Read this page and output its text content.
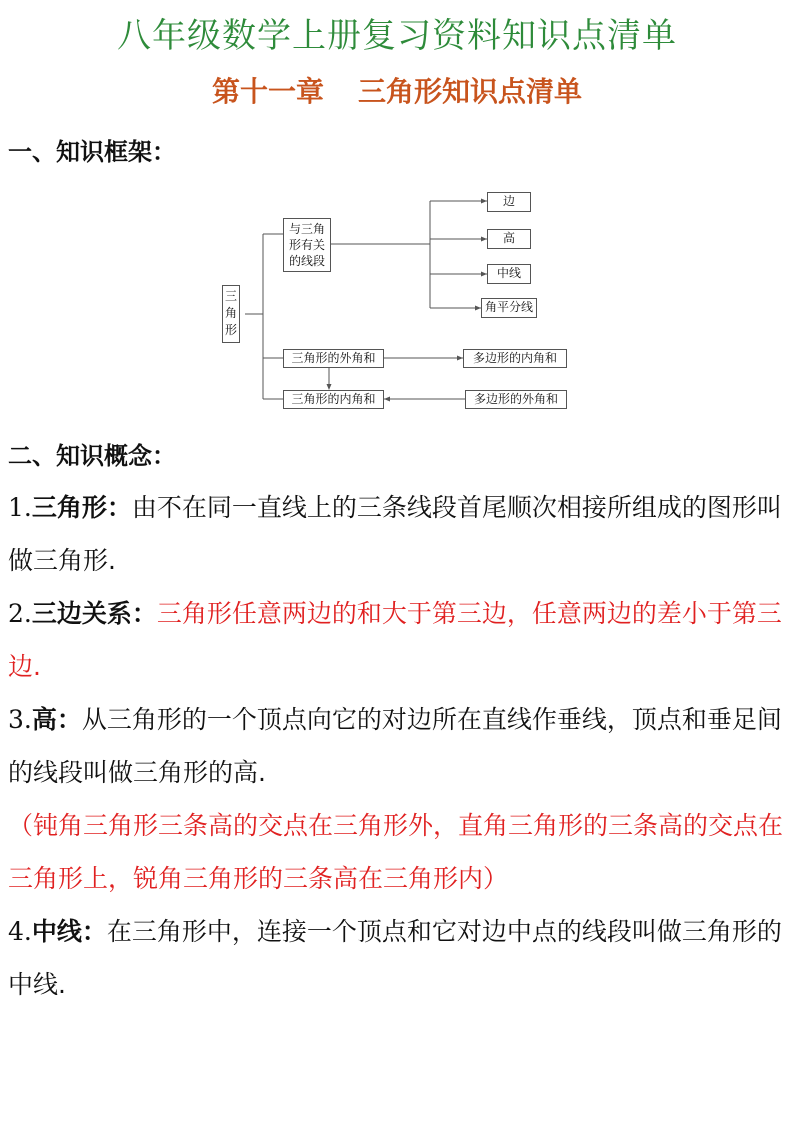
八年级数学上册复习资料知识点清单
第十一章 三角形知识点清单
一、知识框架：
三角形
与三角形有关的线段
边
高
中线
角平分线
三角形的外角和
三角形的内角和
多边形的内角和
多边形的外角和
二、知识概念：
1.三角形：由不在同一直线上的三条线段首尾顺次相接所组成的图形叫做三角形.
2.三边关系：三角形任意两边的和大于第三边，任意两边的差小于第三边.
3.高：从三角形的一个顶点向它的对边所在直线作垂线，顶点和垂足间的线段叫做三角形的高.
（钝角三角形三条高的交点在三角形外，直角三角形的三条高的交点在三角形上，锐角三角形的三条高在三角形内）
4.中线：在三角形中，连接一个顶点和它对边中点的线段叫做三角形的中线.
